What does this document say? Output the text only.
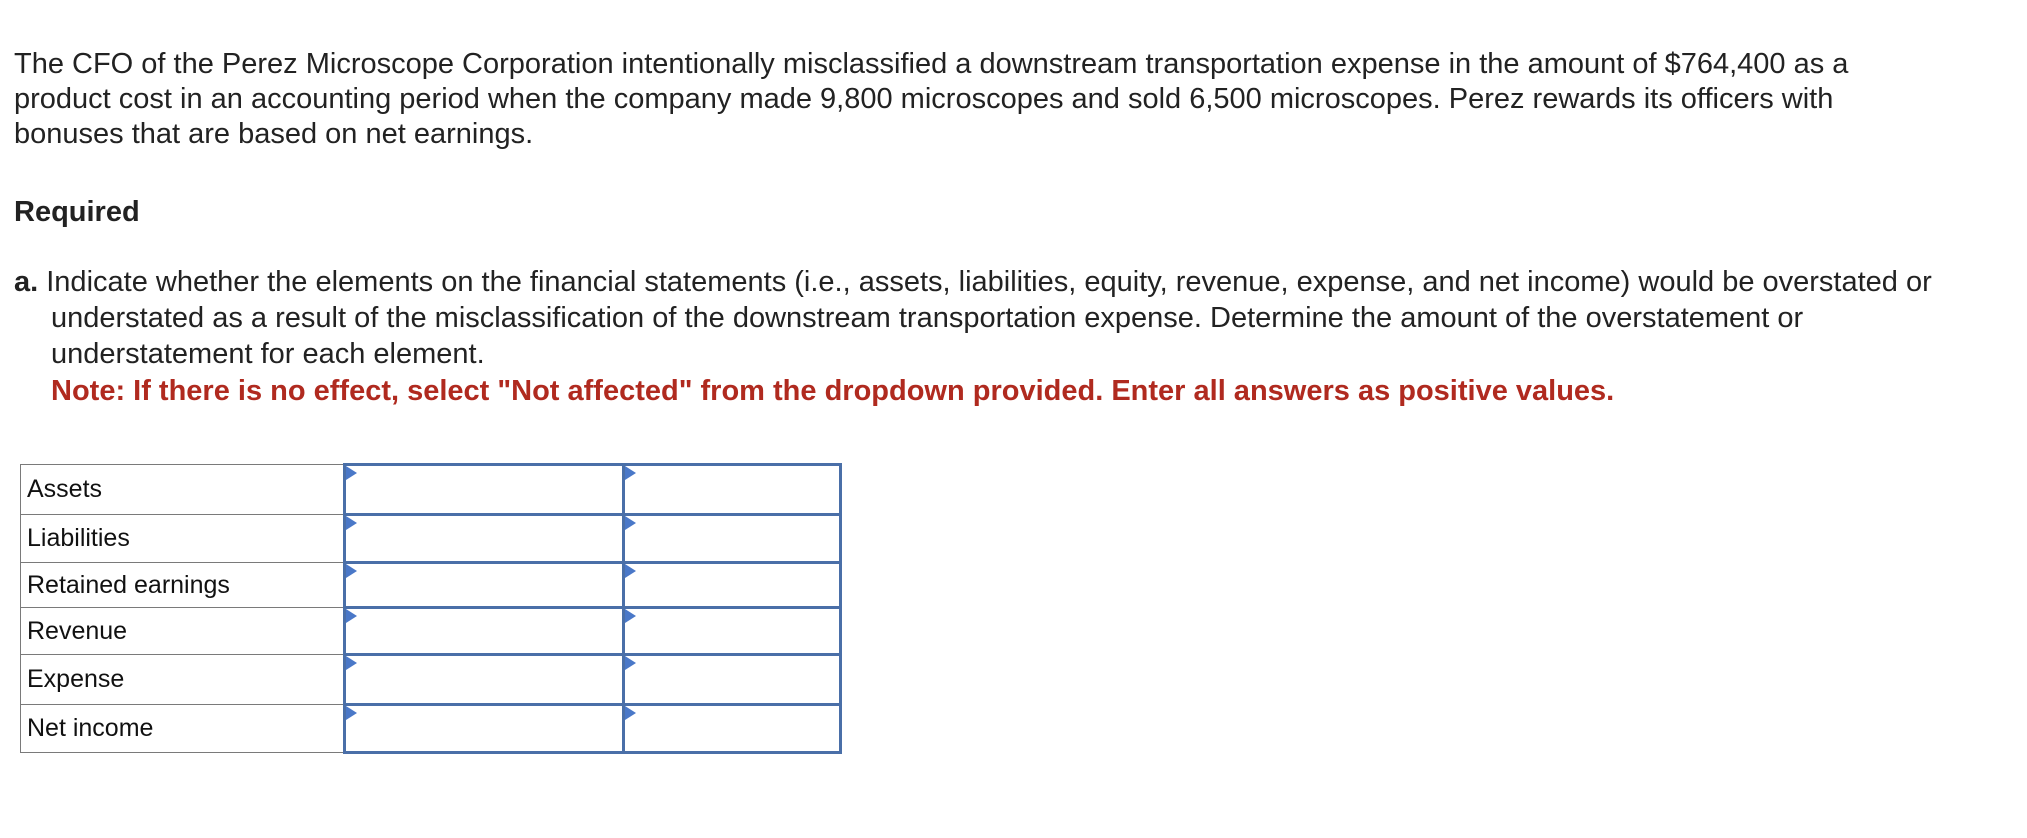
The CFO of the Perez Microscope Corporation intentionally misclassified a downstream transportation expense in the amount of $764,400 as a product cost in an accounting period when the company made 9,800 microscopes and sold 6,500 microscopes. Perez rewards its officers with bonuses that are based on net earnings.
Required
a. Indicate whether the elements on the financial statements (i.e., assets, liabilities, equity, revenue, expense, and net income) would be overstated or understated as a result of the misclassification of the downstream transportation expense. Determine the amount of the overstatement or understatement for each element.
Note: If there is no effect, select "Not affected" from the dropdown provided. Enter all answers as positive values.
Assets	

Liabilities	

Retained earnings	

Revenue	

Expense	

Net income	
